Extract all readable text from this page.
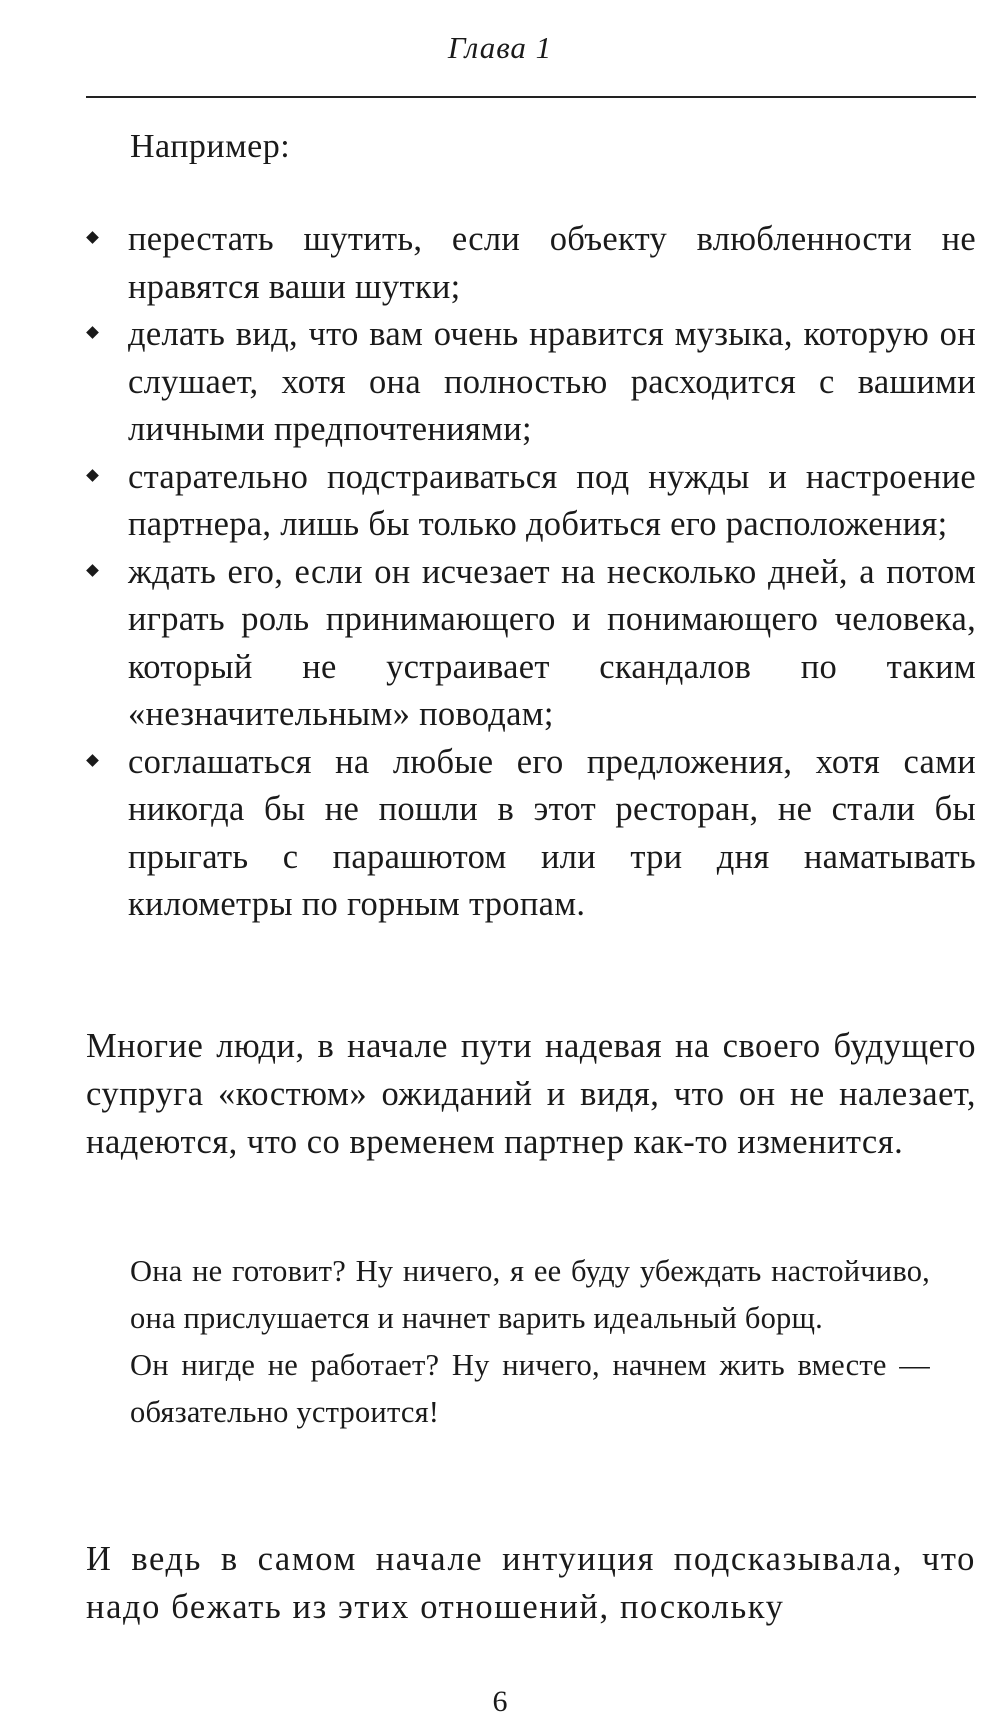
Глава 1
Например:
перестать шутить, если объекту влюбленности не нравятся ваши шутки;
делать вид, что вам очень нравится музыка, которую он слушает, хотя она полностью расходится с вашими личными предпочтениями;
старательно подстраиваться под нужды и настроение партнера, лишь бы только добиться его расположения;
ждать его, если он исчезает на несколько дней, а потом играть роль принимающего и понимающего человека, который не устраивает скандалов по таким «незначительным» поводам;
соглашаться на любые его предложения, хотя сами никогда бы не пошли в этот ресторан, не стали бы прыгать с парашютом или три дня наматывать километры по горным тропам.

Многие люди, в начале пути надевая на своего будущего супруга «костюм» ожиданий и видя, что он не налезает, надеются, что со временем партнер как-то изменится.

Она не готовит? Ну ничего, я ее буду убеждать настойчиво, она прислушается и начнет варить идеальный борщ.

Он нигде не работает? Ну ничего, начнем жить вместе — обязательно устроится!

И ведь в самом начале интуиция подсказывала, что надо бежать из этих отношений, поскольку

6
